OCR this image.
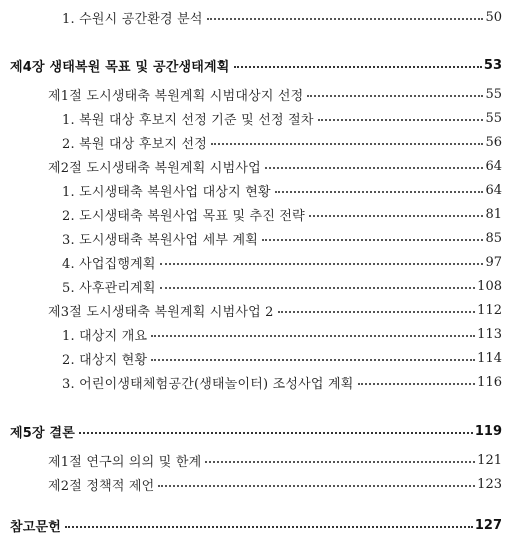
1. 수원시 공간환경 분석	50
제4장 생태복원 목표 및 공간생태계획	53
제1절 도시생태축 복원계획 시범대상지 선정	55
1. 복원 대상 후보지 선정 기준 및 선정 절차	55
2. 복원 대상 후보지 선정	56
제2절 도시생태축 복원계획 시범사업	64
1. 도시생태축 복원사업 대상지 현황	64
2. 도시생태축 복원사업 목표 및 추진 전략	81
3. 도시생태축 복원사업 세부 계획	85
4. 사업집행계획	97
5. 사후관리계획	108
제3절 도시생태축 복원계획 시범사업 2	112
1. 대상지 개요	113
2. 대상지 현황	114
3. 어린이생태체험공간(생태놀이터) 조성사업 계획	116
제5장 결론	119
제1절 연구의 의의 및 한계	121
제2절 정책적 제언	123
참고문헌	127
